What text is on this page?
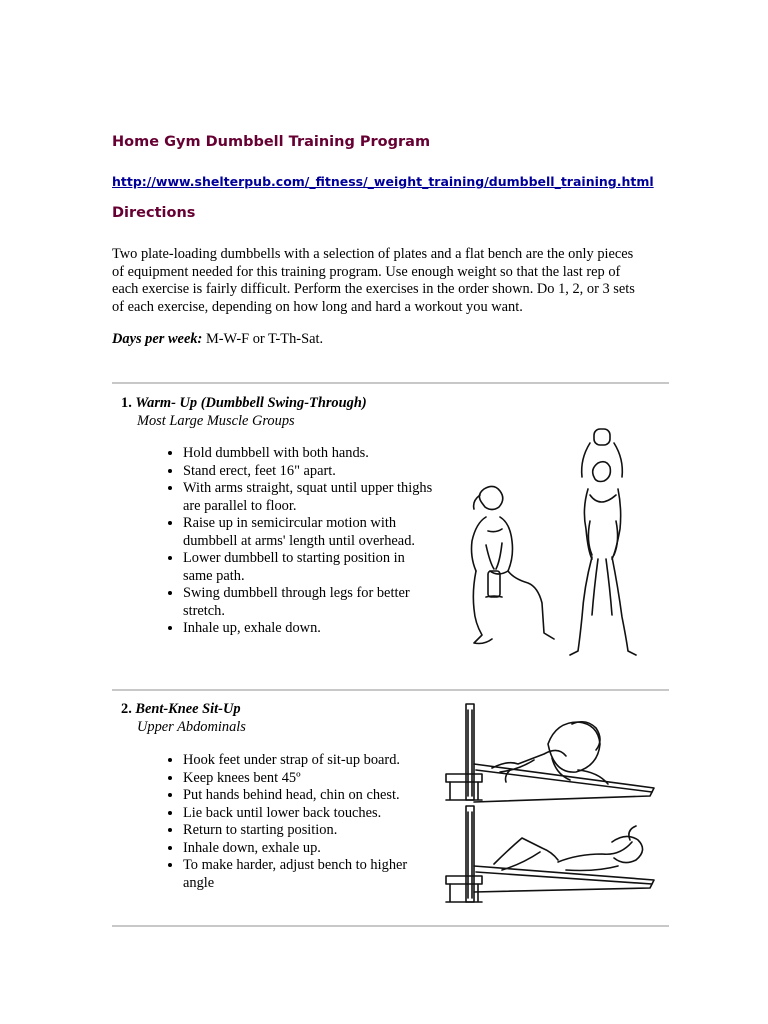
Home Gym Dumbbell Training Program
http://www.shelterpub.com/_fitness/_weight_training/dumbbell_training.html
Directions

Two plate-loading dumbbells with a selection of plates and a flat bench are the only pieces of equipment needed for this training program. Use enough weight so that the last rep of each exercise is fairly difficult. Perform the exercises in the order shown. Do 1, 2, or 3 sets of each exercise, depending on how long and hard a workout you want.

Days per week: M-W-F or T-Th-Sat.

1. Warm- Up (Dumbbell Swing-Through)
Most Large Muscle Groups
• Hold dumbbell with both hands.
• Stand erect, feet 16" apart.
• With arms straight, squat until upper thighs are parallel to floor.
• Raise up in semicircular motion with dumbbell at arms' length until overhead.
• Lower dumbbell to starting position in same path.
• Swing dumbbell through legs for better stretch.
• Inhale up, exhale down.
2. Bent-Knee Sit-Up
Upper Abdominals
• Hook feet under strap of sit-up board.
• Keep knees bent 45º
• Put hands behind head, chin on chest.
• Lie back until lower back touches.
• Return to starting position.
• Inhale down, exhale up.
• To make harder, adjust bench to higher angle
